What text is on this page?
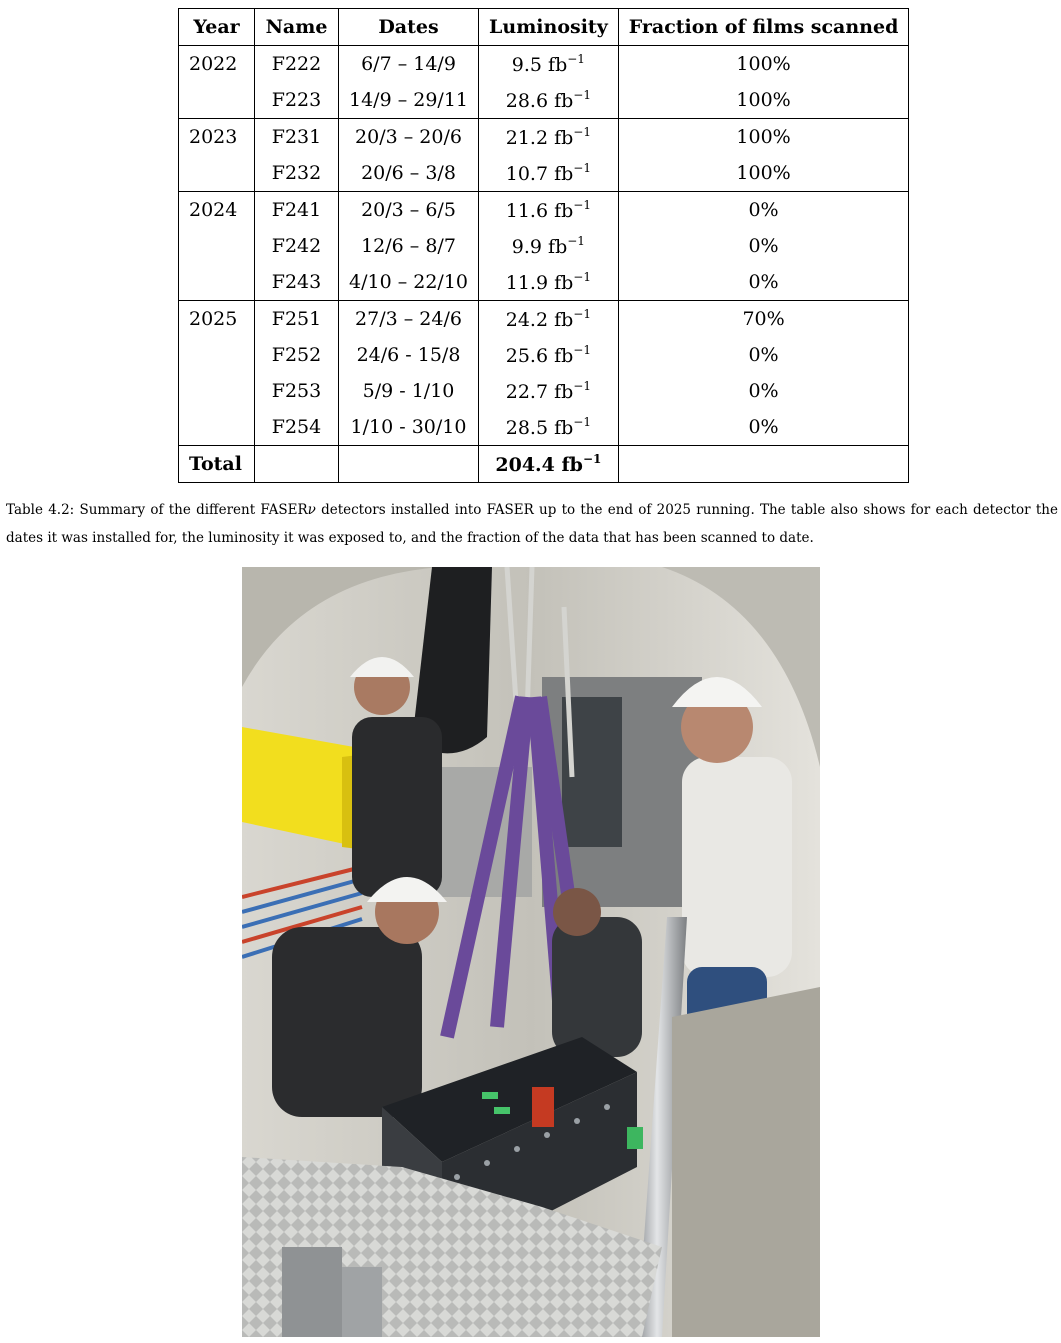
Year	Name	Dates	Luminosity	Fraction of films scanned
2022	F222	6/7 – 14/9	9.5 $fb^{-1}$	100%
	F223	14/9 – 29/11	28.6 $fb^{-1}$	100%
2023	F231	20/3 – 20/6	21.2 $fb^{-1}$	100%
	F232	20/6 – 3/8	10.7 $fb^{-1}$	100%
2024	F241	20/3 – 6/5	11.6 $fb^{-1}$	0%
	F242	12/6 – 8/7	9.9 $fb^{-1}$	0%
	F243	4/10 – 22/10	11.9 $fb^{-1}$	0%
2025	F251	27/3 – 24/6	24.2 $fb^{-1}$	70%
	F252	24/6 - 15/8	25.6 $fb^{-1}$	0%
	F253	5/9 - 1/10	22.7 $fb^{-1}$	0%
	F254	1/10 - 30/10	28.5 $fb^{-1}$	0%
Total			204.4 $fb^{-1}$	
Table 4.2: Summary of the different FASERν detectors installed into FASER up to the end of 2025 running. The table also shows for each detector the dates it was installed for, the luminosity it was exposed to, and the fraction of the data that has been scanned to date.
